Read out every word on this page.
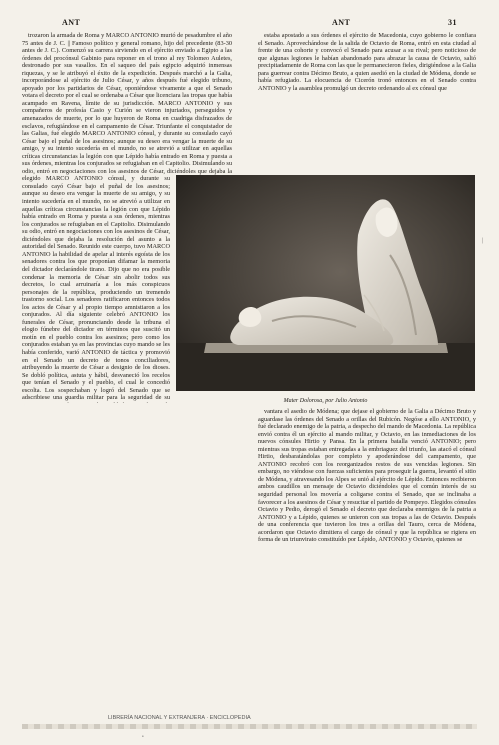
ANT	ANT	31

trozaron la armada de Roma y MARCO ANTONIO murió de pesadumbre el año 75 antes de J. C. || Famoso político y general romano, hijo del precedente (83-30 antes de J. C.). Comenzó su carrera sirviendo en el ejército enviado a Egipto a las órdenes del procónsul Gabinio para reponer en el trono al rey Tolomeo Auletes, destronado por sus vasallos. En el saqueo del país egipcio adquirió inmensas riquezas, y se le atribuyó el éxito de la expedición. Después marchó a la Galia, incorporándose al ejército de Julio César, y años después fué elegido tribuno, apoyado por los partidarios de César, oponiéndose vivamente a que el Senado votara el decreto por el cual se ordenaba a César que licenciara las tropas que había acampado en Ravena, límite de su jurisdicción. MARCO ANTONIO y sus compañeros de profesía Casio y Curión se vieron injuriados, perseguidos y amenazados de muerte, por lo que huyeron de Roma en cuadriga disfrazados de esclavos, refugiándose en el campamento de César. Triunfante el conquistador de las Galias, fué elegido MARCO ANTONIO cónsul, y durante su consulado cayó César bajo el puñal de los asesinos; aunque su deseo era vengar la muerte de su amigo, y su intento sucedería en el mundo, no se atrevió a utilizar en aquellas críticas circunstancias la legión con que Lépido había entrado en Roma y puesta a sus órdenes, mientras los conjurados se refugiaban en el Capitolio. Disimulando su odio, entró en negociaciones con los asesinos de César, diciéndoles que dejaba la

elegido MARCO ANTONIO cónsul, y durante su consulado cayó César bajo el puñal de los asesinos; aunque su deseo era vengar la muerte de su amigo, y su intento sucedería en el mundo, no se atrevió a utilizar en aquellas críticas circunstancias la legión con que Lépido había entrado en Roma y puesta a sus órdenes, mientras los conjurados se refugiaban en el Capitolio. Disimulando su odio, entró en negociaciones con los asesinos de César, diciéndoles que dejaba la resolución del asunto a la autoridad del Senado. Reunido este cuerpo, tuvo MARCO ANTONIO la habilidad de apelar al interés egoísta de los senadores contra los que proponían difamar la memoria del dictador declarándole tirano. Dijo que no era posible condenar la memoria de César sin abolir todos sus decretos, lo cual arruinaría a los más conspicuos personajes de la república, produciendo un tremendo trastorno social. Los senadores ratificaron entonces todos los actos de César y al propio tiempo amnistiaron a los conjurados. Al día siguiente celebró ANTONIO los funerales de César, pronunciando desde la tribuna el elogio fúnebre del dictador en términos que suscitó un motín en el pueblo contra los asesinos; pero como los conjurados estaban ya en las provincias cuyo mando se les había conferido, varió ANTONIO de táctica y promovió en el Senado un decreto de tonos conciliadores, atribuyendo la muerte de César a designio de los dioses. Se dobló política, astuta y hábil, desvaneció los recelos que tenían el Senado y el pueblo, el cual le concedió escolta. Los sospechaban y logró del Senado que se adscribiese una guardia militar para la seguridad de su

estaba apostado a sus órdenes el ejército de Macedonia, cuyo gobierno le confiara el Senado. Aprovechándose de la salida de Octavio de Roma, entró en esta ciudad al frente de una cohorte y convocó el Senado para acusar a su rival; pero noticioso de que algunas legiones le habían abandonado para abrazar la causa de Octavio, salió precipitadamente de Roma con las que le permanecieron fieles, dirigiéndose a la Galia para guerrear contra Décimo Bruto, a quien asedió en la ciudad de Módena, donde se había refugiado. La elocuencia de Cicerón tronó entonces en el Senado contra ANTONIO y la asamblea promulgó un decreto ordenando al ex cónsul que

Mater Dolorosa, por Julio Antonio

vantara el asedio de Módena; que dejase el gobierno de la Galia a Décimo Bruto y aguardase las órdenes del Senado a orillas del Rubicón. Negóse a ello ANTONIO, y fué declarado enemigo de la patria, a despecho del mando de Macedonia. La república envió contra él un ejército al mando militar, y Octavio, en las inmediaciones de los nuevos cónsules Hirtio y Pansa. En la primera batalla venció ANTONIO; pero mientras sus tropas estaban entregadas a la embriaguez del triunfo, las atacó el cónsul Hirtio, desbaratándolas por completo y apoderándose del campamento, que ANTONIO recobró con los reorganizados restos de sus vencidas legiones. Sin embargo, no viéndose con fuerzas suficientes para proseguir la guerra, levantó el sitio de Módena, y atravesando los Alpes se unió al ejército de Lépido. Entonces recibieron ambos caudillos un mensaje de Octavio diciéndoles que el común interés de su seguridad personal los movería a coligarse contra el Senado, que se inclinaba a favorecer a los asesinos de César y resucitar el partido de Pompeyo. Elegidos cónsules Octavio y Pedio, derogó el Senado el decreto que declaraba enemigos de la patria a ANTONIO y a Lépido, quienes se unieron con sus tropas a las de Octavio. Después de una conferencia que tuvieron los tres a orillas del Tauro, cerca de Módena, acordaron que Octavio dimitiera el cargo de cónsul y que la república se rigiera en forma de un triunvirato constituído por Lépido, ANTONIO y Octavio, quienes se

|
LIBRERÍA NACIONAL Y EXTRANJERA · ENCICLOPEDIA
•
